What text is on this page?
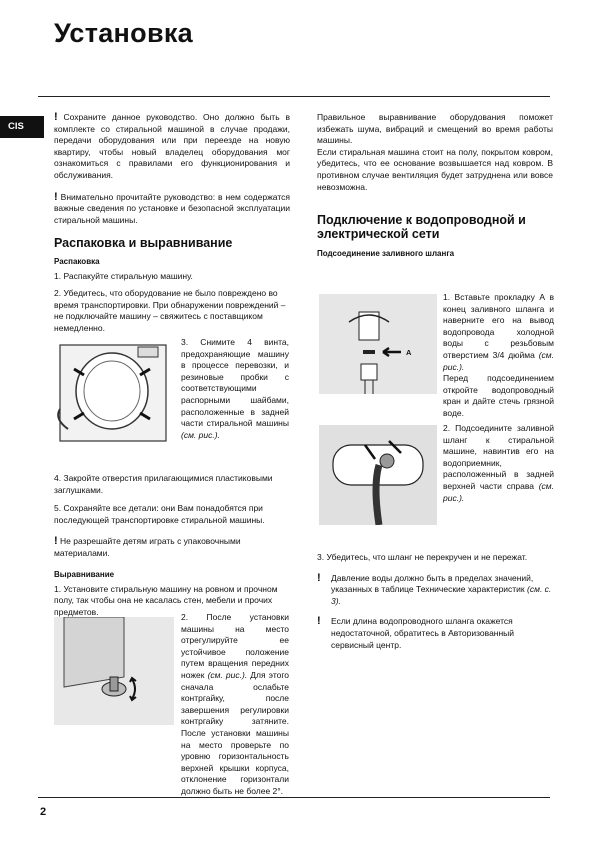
Установка
CIS

! Сохраните данное руководство. Оно должно быть в комплекте со стиральной машиной в случае продажи, передачи оборудования или при переезде на новую квартиру, чтобы новый владелец оборудования мог ознакомиться с правилами его функционирования и обслуживания.

! Внимательно прочитайте руководство: в нем содержатся важные сведения по установке и безопасной эксплуатации стиральной машины.

Распаковка и выравнивание
Распаковка

1. Распакуйте стиральную машину.

2. Убедитесь, что оборудование не было повреждено во время транспортировки. При обнаружении повреждений – не подключайте машину – свяжитесь с поставщиком немедленно.

3. Снимите 4 винта, предохраняющие машину в процессе перевозки, и резиновые пробки с соответствующими распорными шайбами, расположенные в задней части стиральной машины (см. рис.).

4. Закройте отверстия прилагающимися пластиковыми заглушками.

5. Сохраняйте все детали: они Вам понадобятся при последующей транспортировке стиральной машины.

! Не разрешайте детям играть с упаковочными материалами.

Выравнивание

1. Установите стиральную машину на ровном и прочном полу, так чтобы она не касалась стен, мебели и прочих предметов.

2. После установки машины на место отрегулируйте ее устойчивое положение путем вращения передних ножек (см. рис.). Для этого сначала ослабьте контргайку, после завершения регулировки контргайку затяните. После установки машины на место проверьте по уровню горизонтальность верхней крышки корпуса, отклонение горизонтали должно быть не более 2°.

Правильное выравнивание оборудования поможет избежать шума, вибраций и смещений во время работы машины.

Если стиральная машина стоит на полу, покрытом ковром, убедитесь, что ее основание возвышается над ковром. В противном случае вентиляция будет затруднена или вовсе невозможна.

Подключение к водопроводной и электрической сети
Подсоединение заливного шланга
A

1. Вставьте прокладку А в конец заливного шланга и наверните его на вывод водопровода холодной воды с резьбовым отверстием 3/4 дюйма (см. рис.).

Перед подсоединением откройте водопроводный кран и дайте стечь грязной воде.

2. Подсоедините заливной шланг к стиральной машине, навинтив его на водоприемник, расположенный в задней верхней части справа (см. рис.).

3. Убедитесь, что шланг не перекручен и не пережат.

!	Давление воды должно быть в пределах значений, указанных в таблице Технические характеристик (см. с. 3).

!	Если длина водопроводного шланга окажется недостаточной, обратитесь в Авторизованный сервисный центр.

2
